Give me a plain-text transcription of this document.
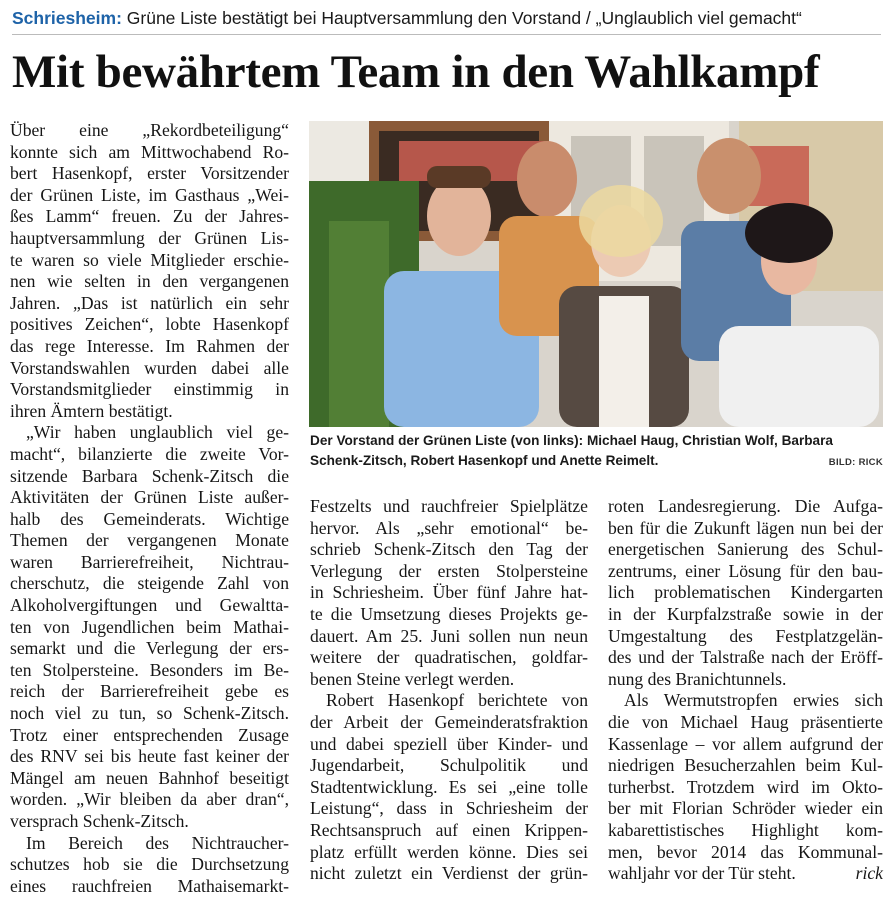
Schriesheim: Grüne Liste bestätigt bei Hauptversammlung den Vorstand / „Unglaublich viel gemacht“
Mit bewährtem Team in den Wahlkampf
Über eine „Rekordbeteiligung“
konnte sich am Mittwochabend Ro-
bert Hasenkopf, erster Vorsitzender
der Grünen Liste, im Gasthaus „Wei-
ßes Lamm“ freuen. Zu der Jahres-
hauptversammlung der Grünen Lis-
te waren so viele Mitglieder erschie-
nen wie selten in den vergangenen
Jahren. „Das ist natürlich ein sehr
positives Zeichen“, lobte Hasenkopf
das rege Interesse. Im Rahmen der
Vorstandswahlen wurden dabei alle
Vorstandsmitglieder einstimmig in
ihren Ämtern bestätigt.
„Wir haben unglaublich viel ge-
macht“, bilanzierte die zweite Vor-
sitzende Barbara Schenk-Zitsch die
Aktivitäten der Grünen Liste außer-
halb des Gemeinderats. Wichtige
Themen der vergangenen Monate
waren Barrierefreiheit, Nichtrau-
cherschutz, die steigende Zahl von
Alkoholvergiftungen und Gewaltta-
ten von Jugendlichen beim Mathai-
semarkt und die Verlegung der ers-
ten Stolpersteine. Besonders im Be-
reich der Barrierefreiheit gebe es
noch viel zu tun, so Schenk-Zitsch.
Trotz einer entsprechenden Zusage
des RNV sei bis heute fast keiner der
Mängel am neuen Bahnhof beseitigt
worden. „Wir bleiben da aber dran“,
versprach Schenk-Zitsch.
Im Bereich des Nichtraucher-
schutzes hob sie die Durchsetzung
eines rauchfreien Mathaisemarkt-
Der Vorstand der Grünen Liste (von links): Michael Haug, Christian Wolf, Barbara
Schenk-Zitsch, Robert Hasenkopf und Anette Reimelt.	BILD: RICK
Festzelts und rauchfreier Spielplätze
hervor. Als „sehr emotional“ be-
schrieb Schenk-Zitsch den Tag der
Verlegung der ersten Stolpersteine
in Schriesheim. Über fünf Jahre hat-
te die Umsetzung dieses Projekts ge-
dauert. Am 25. Juni sollen nun neun
weitere der quadratischen, goldfar-
benen Steine verlegt werden.
Robert Hasenkopf berichtete von
der Arbeit der Gemeinderatsfraktion
und dabei speziell über Kinder- und
Jugendarbeit, Schulpolitik und
Stadtentwicklung. Es sei „eine tolle
Leistung“, dass in Schriesheim der
Rechtsanspruch auf einen Krippen-
platz erfüllt werden könne. Dies sei
nicht zuletzt ein Verdienst der grün-
roten Landesregierung. Die Aufga-
ben für die Zukunft lägen nun bei der
energetischen Sanierung des Schul-
zentrums, einer Lösung für den bau-
lich problematischen Kindergarten
in der Kurpfalzstraße sowie in der
Umgestaltung des Festplatzgelän-
des und der Talstraße nach der Eröff-
nung des Branichtunnels.
Als Wermutstropfen erwies sich
die von Michael Haug präsentierte
Kassenlage – vor allem aufgrund der
niedrigen Besucherzahlen beim Kul-
turherbst. Trotzdem wird im Okto-
ber mit Florian Schröder wieder ein
kabarettistisches Highlight kom-
men, bevor 2014 das Kommunal-
rick
wahljahr vor der Tür steht.
